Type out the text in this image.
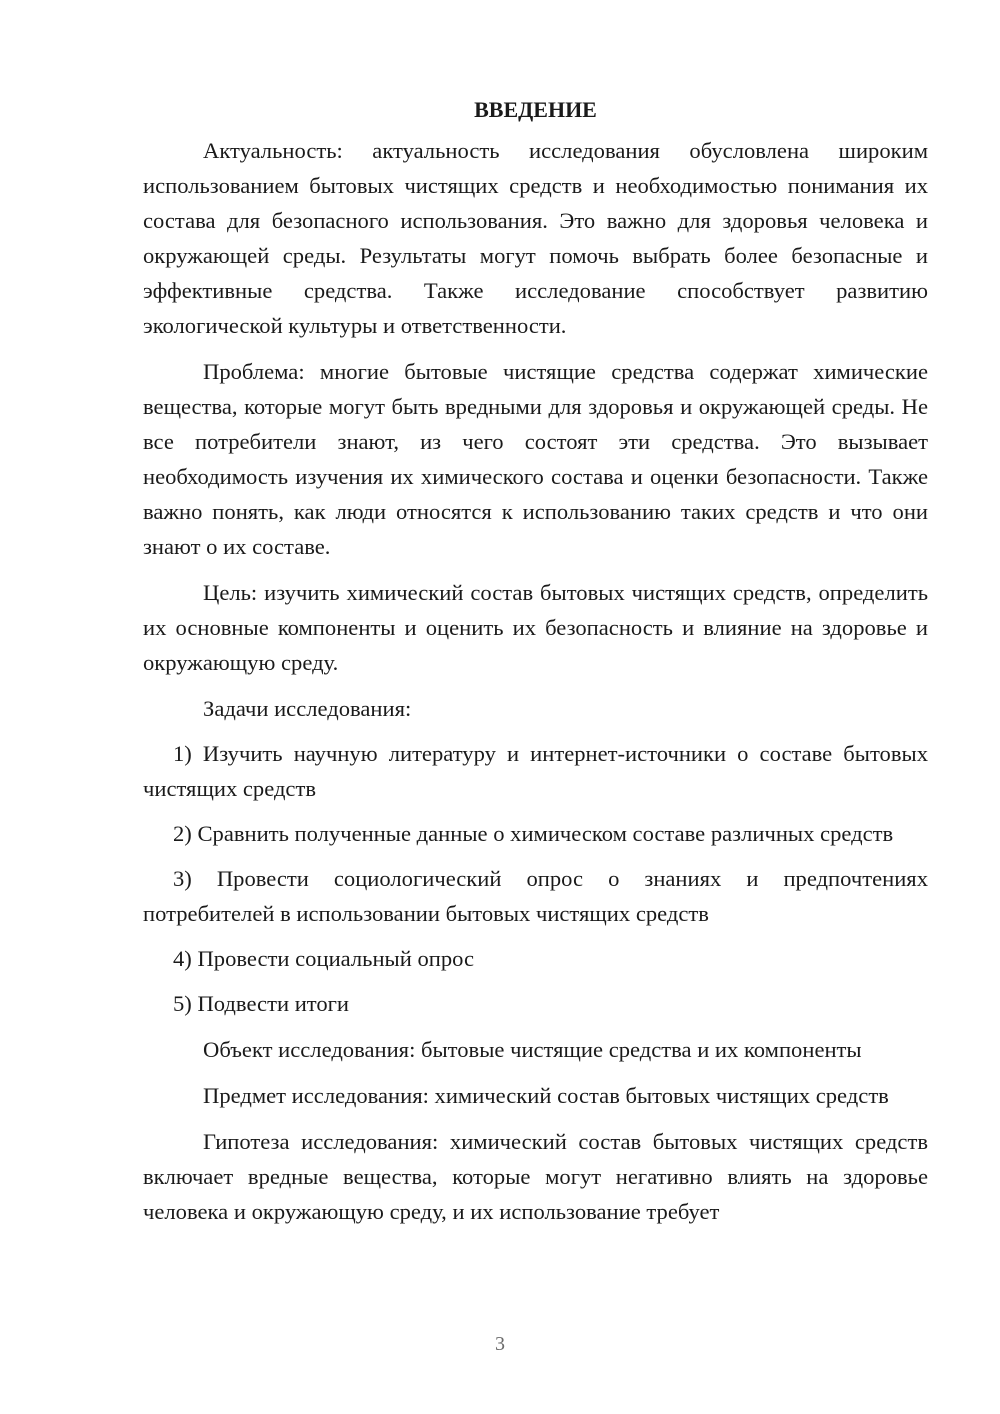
ВВЕДЕНИЕ

Актуальность: актуальность исследования обусловлена широким использованием бытовых чистящих средств и необходимостью понимания их состава для безопасного использования. Это важно для здоровья человека и окружающей среды. Результаты могут помочь выбрать более безопасные и эффективные средства. Также исследование способствует развитию экологической культуры и ответственности.

Проблема: многие бытовые чистящие средства содержат химические вещества, которые могут быть вредными для здоровья и окружающей среды. Не все потребители знают, из чего состоят эти средства. Это вызывает необходимость изучения их химического состава и оценки безопасности. Также важно понять, как люди относятся к использованию таких средств и что они знают о их составе.

Цель: изучить химический состав бытовых чистящих средств, определить их основные компоненты и оценить их безопасность и влияние на здоровье и окружающую среду.

Задачи исследования:

1) Изучить научную литературу и интернет-источники о составе бытовых чистящих средств

2) Сравнить полученные данные о химическом составе различных средств

3) Провести социологический опрос о знаниях и предпочтениях потребителей в использовании бытовых чистящих средств

4) Провести социальный опрос

5) Подвести итоги

Объект исследования: бытовые чистящие средства и их компоненты

Предмет исследования: химический состав бытовых чистящих средств

Гипотеза исследования: химический состав бытовых чистящих средств включает вредные вещества, которые могут негативно влиять на здоровье человека и окружающую среду, и их использование требует

3
